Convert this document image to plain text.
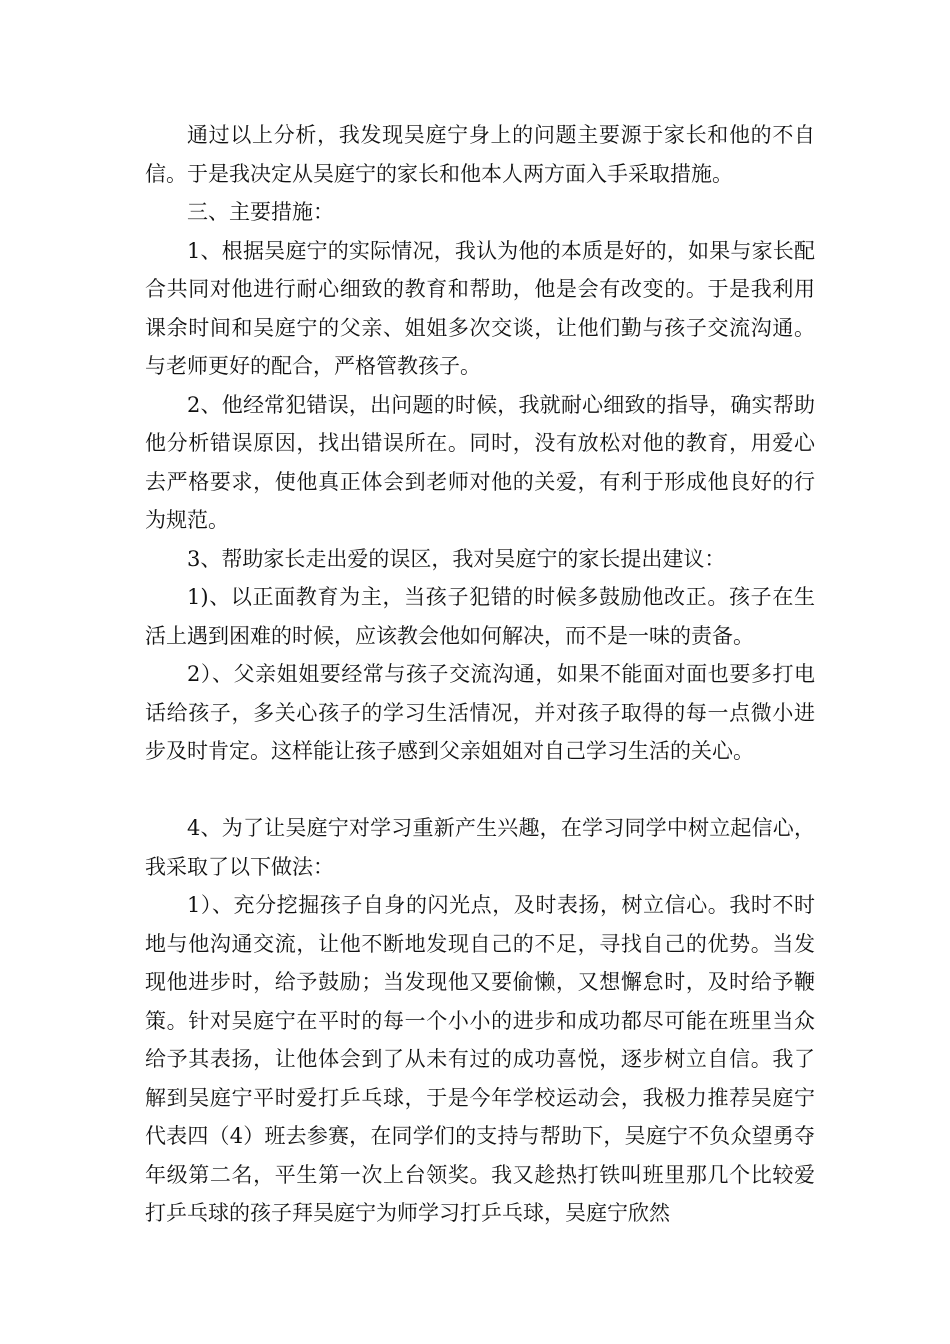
通过以上分析，我发现吴庭宁身上的问题主要源于家长和他的不自信。于是我决定从吴庭宁的家长和他本人两方面入手采取措施。

三、主要措施：

1、根据吴庭宁的实际情况，我认为他的本质是好的，如果与家长配合共同对他进行耐心细致的教育和帮助，他是会有改变的。于是我利用课余时间和吴庭宁的父亲、姐姐多次交谈，让他们勤与孩子交流沟通。与老师更好的配合，严格管教孩子。

2、他经常犯错误，出问题的时候，我就耐心细致的指导，确实帮助他分析错误原因，找出错误所在。同时，没有放松对他的教育，用爱心去严格要求，使他真正体会到老师对他的关爱，有利于形成他良好的行为规范。

3、帮助家长走出爱的误区，我对吴庭宁的家长提出建议：

1)、以正面教育为主，当孩子犯错的时候多鼓励他改正。孩子在生活上遇到困难的时候，应该教会他如何解决，而不是一味的责备。

2）、父亲姐姐要经常与孩子交流沟通，如果不能面对面也要多打电话给孩子，多关心孩子的学习生活情况，并对孩子取得的每一点微小进步及时肯定。这样能让孩子感到父亲姐姐对自己学习生活的关心。

4、为了让吴庭宁对学习重新产生兴趣，在学习同学中树立起信心，我采取了以下做法：

1）、充分挖掘孩子自身的闪光点，及时表扬，树立信心。我时不时地与他沟通交流，让他不断地发现自己的不足，寻找自己的优势。当发现他进步时，给予鼓励；当发现他又要偷懒，又想懈怠时，及时给予鞭策。针对吴庭宁在平时的每一个小小的进步和成功都尽可能在班里当众给予其表扬，让他体会到了从未有过的成功喜悦，逐步树立自信。我了解到吴庭宁平时爱打乒乓球，于是今年学校运动会，我极力推荐吴庭宁代表四（4）班去参赛，在同学们的支持与帮助下，吴庭宁不负众望勇夺年级第二名，平生第一次上台领奖。我又趁热打铁叫班里那几个比较爱打乒乓球的孩子拜吴庭宁为师学习打乒乓球，吴庭宁欣然
